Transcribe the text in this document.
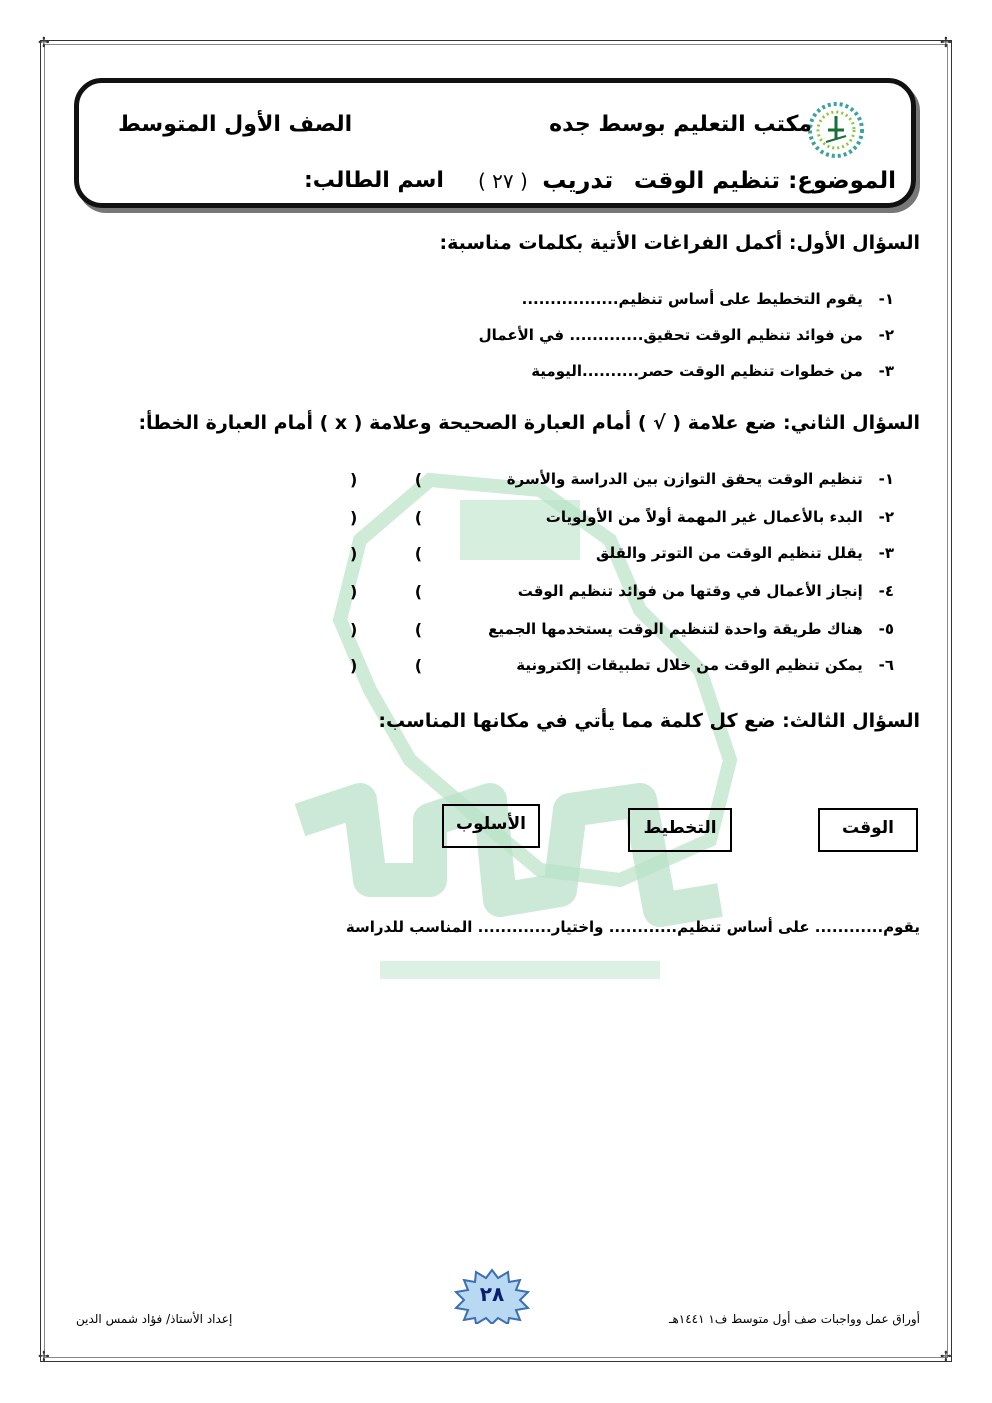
✢	✢
✢	✢
مكتب التعليم بوسط جده
الصف الأول المتوسط
الموضوع: تنظيم الوقت
تدريب ( ٢٧ )
اسم الطالب:
السؤال الأول: أكمل الفراغات الأتية بكلمات مناسبة:
١- يقوم التخطيط على أساس تنظيم.................
٢- من فوائد تنظيم الوقت تحقيق............. في الأعمال
٣- من خطوات تنظيم الوقت حصر..........اليومية
السؤال الثاني: ضع علامة ( √ ) أمام العبارة الصحيحة وعلامة ( x ) أمام العبارة الخطأ:
١- تنظيم الوقت يحقق التوازن بين الدراسة والأسرة
)	(
٢- البدء بالأعمال غير المهمة أولاً من الأولويات
)	(
٣- يقلل تنظيم الوقت من التوتر والقلق
)	(
٤- إنجاز الأعمال في وقتها من فوائد تنظيم الوقت
)	(
٥- هناك طريقة واحدة لتنظيم الوقت يستخدمها الجميع
)	(
٦- يمكن تنظيم الوقت من خلال تطبيقات إلكترونية
)	(
السؤال الثالث: ضع كل كلمة مما يأتي في مكانها المناسب:
الوقت
التخطيط
الأسلوب
يقوم............ على أساس تنظيم............ واختيار............. المناسب للدراسة
٢٨
أوراق عمل وواجبات صف أول متوسط ف١ ١٤٤١هـ
إعداد الأستاذ/ فؤاد شمس الدين
